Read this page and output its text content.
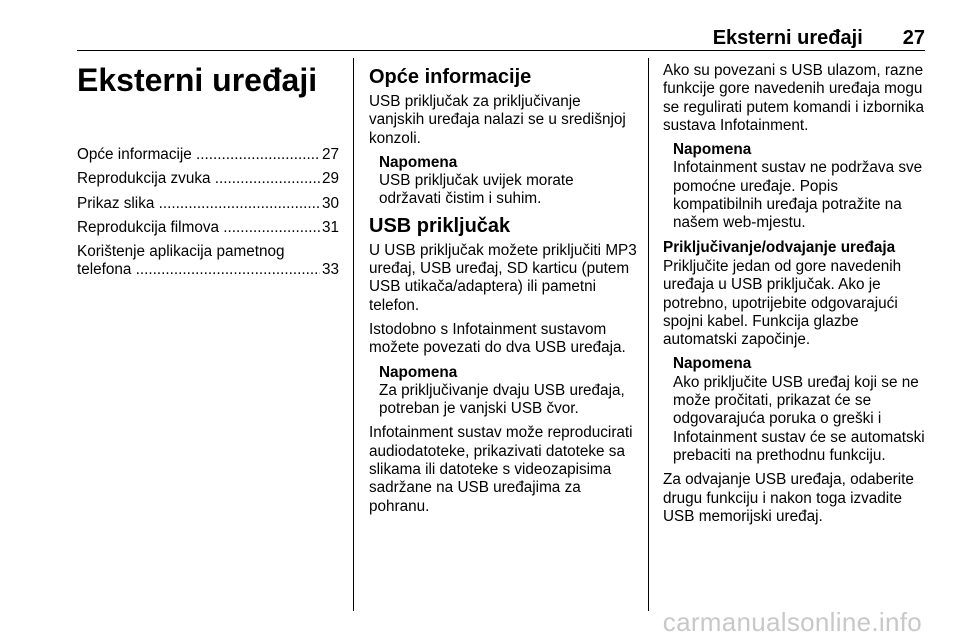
Eksterni uređaji 27
Eksterni uređaji
Opće informacije .....	27
Reprodukcija zvuka .....	29
Prikaz slika .....	30
Reprodukcija filmova .....	31
Korištenje aplikacija pametnog
telefona .....	33
Opće informacije

USB priključak za priključivanje vanjskih uređaja nalazi se u središnjoj konzoli.

Napomena
USB priključak uvijek morate održavati čistim i suhim.
USB priključak

U USB priključak možete priključiti MP3 uređaj, USB uređaj, SD karticu (putem USB utikača/adaptera) ili pametni telefon.

Istodobno s Infotainment sustavom možete povezati do dva USB uređaja.

Napomena
Za priključivanje dvaju USB uređaja, potreban je vanjski USB čvor.

Infotainment sustav može reproducirati audiodatoteke, prikazivati datoteke sa slikama ili datoteke s videozapisima sadržane na USB uređajima za pohranu.

Ako su povezani s USB ulazom, razne funkcije gore navedenih uređaja mogu se regulirati putem komandi i izbornika sustava Infotainment.

Napomena
Infotainment sustav ne podržava sve pomoćne uređaje. Popis kompatibilnih uređaja potražite na našem web-mjestu.
Priključivanje/odvajanje uređaja

Priključite jedan od gore navedenih uređaja u USB priključak. Ako je potrebno, upotrijebite odgovarajući spojni kabel. Funkcija glazbe automatski započinje.

Napomena
Ako priključite USB uređaj koji se ne može pročitati, prikazat će se odgovarajuća poruka o greški i Infotainment sustav će se automatski prebaciti na prethodnu funkciju.

Za odvajanje USB uređaja, odaberite drugu funkciju i nakon toga izvadite USB memorijski uređaj.

carmanualsonline.info
